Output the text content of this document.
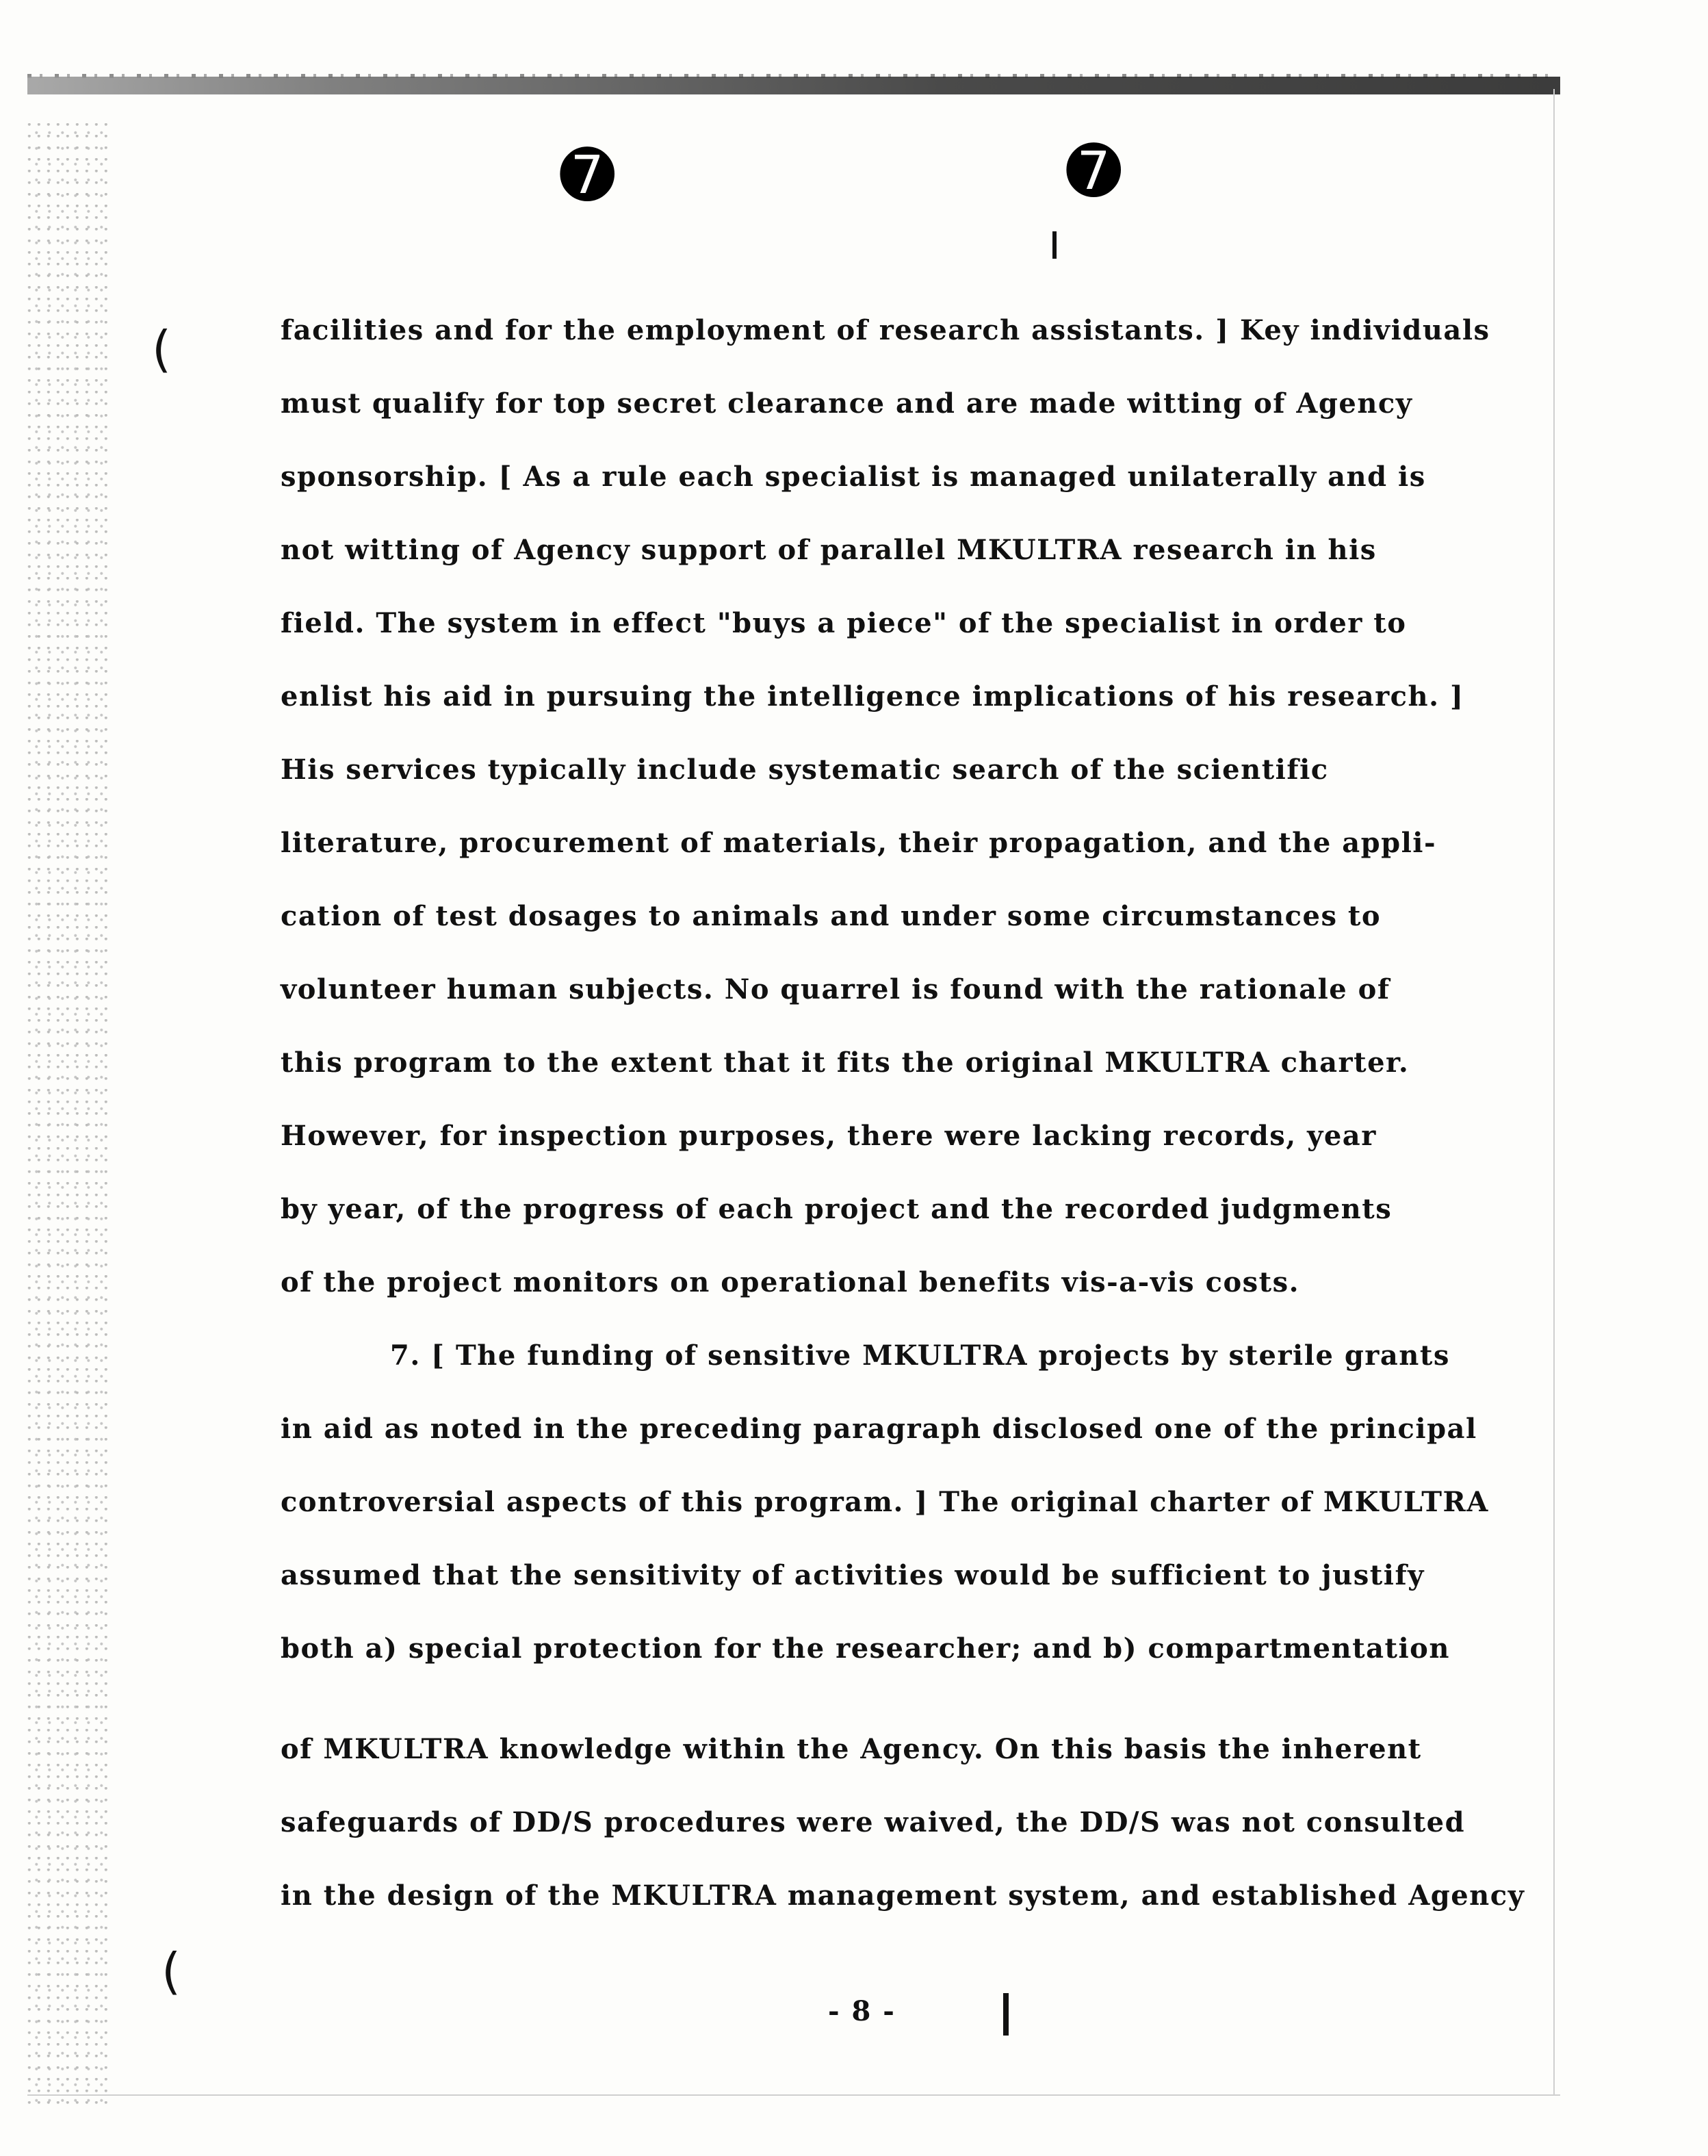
➐	➐
(
(
facilities and for the employment of research assistants. ] Key individuals
must qualify for top secret clearance and are made witting of Agency
sponsorship. [ As a rule each specialist is managed unilaterally and is
not witting of Agency support of parallel MKULTRA research in his
field. The system in effect "buys a piece" of the specialist in order to
enlist his aid in pursuing the intelligence implications of his research. ]
His services typically include systematic search of the scientific
literature, procurement of materials, their propagation, and the appli-
cation of test dosages to animals and under some circumstances to
volunteer human subjects. No quarrel is found with the rationale of
this program to the extent that it fits the original MKULTRA charter.
However, for inspection purposes, there were lacking records, year
by year, of the progress of each project and the recorded judgments
of the project monitors on operational benefits vis-a-vis costs.
7. [ The funding of sensitive MKULTRA projects by sterile grants
in aid as noted in the preceding paragraph disclosed one of the principal
controversial aspects of this program. ] The original charter of MKULTRA
assumed that the sensitivity of activities would be sufficient to justify
both a) special protection for the researcher; and b) compartmentation
of MKULTRA knowledge within the Agency. On this basis the inherent
safeguards of DD/S procedures were waived, the DD/S was not consulted
in the design of the MKULTRA management system, and established Agency
- 8 -
